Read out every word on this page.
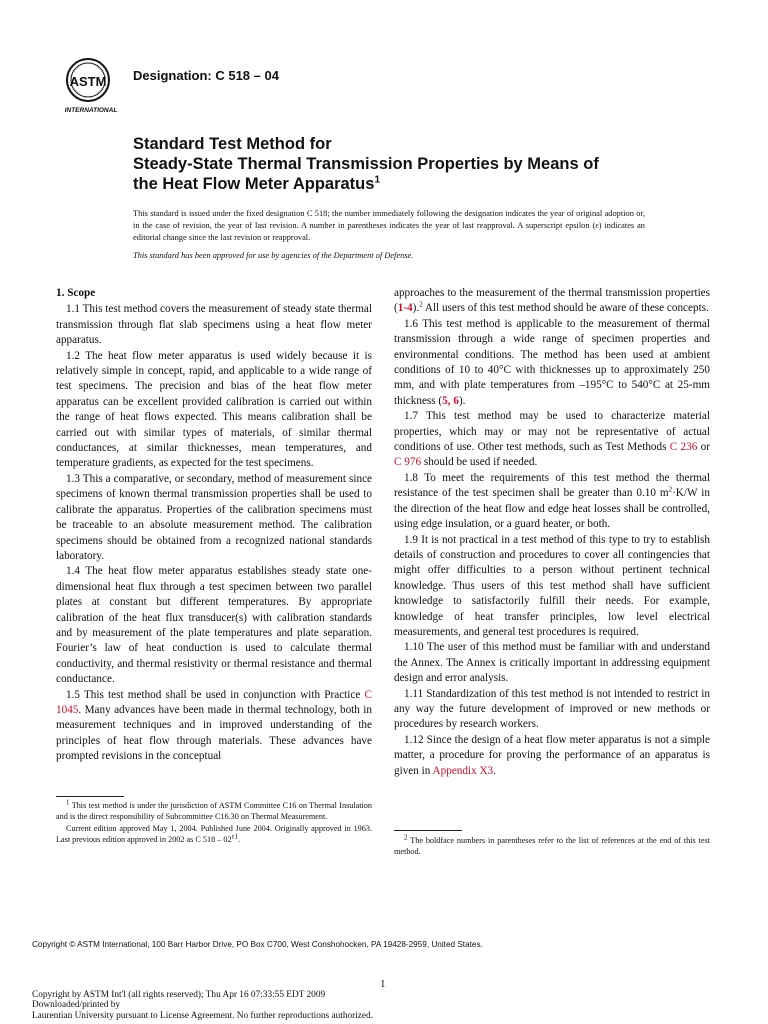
ASTM
INTERNATIONAL
Designation: C 518 – 04
Standard Test Method for
Steady-State Thermal Transmission Properties by Means of
the Heat Flow Meter Apparatus$^1$
This standard is issued under the fixed designation C 518; the number immediately following the designation indicates the year of original adoption or, in the case of revision, the year of last revision. A number in parentheses indicates the year of last reapproval. A superscript epsilon (ε) indicates an editorial change since the last revision or reapproval.
This standard has been approved for use by agencies of the Department of Defense.
1. Scope

1.1 This test method covers the measurement of steady state thermal transmission through flat slab specimens using a heat flow meter apparatus.

1.2 The heat flow meter apparatus is used widely because it is relatively simple in concept, rapid, and applicable to a wide range of test specimens. The precision and bias of the heat flow meter apparatus can be excellent provided calibration is carried out within the range of heat flows expected. This means calibration shall be carried out with similar types of materials, of similar thermal conductances, at similar thicknesses, mean temperatures, and temperature gradients, as expected for the test specimens.

1.3 This a comparative, or secondary, method of measurement since specimens of known thermal transmission properties shall be used to calibrate the apparatus. Properties of the calibration specimens must be traceable to an absolute measurement method. The calibration specimens should be obtained from a recognized national standards laboratory.

1.4 The heat flow meter apparatus establishes steady state one-dimensional heat flux through a test specimen between two parallel plates at constant but different temperatures. By appropriate calibration of the heat flux transducer(s) with calibration standards and by measurement of the plate temperatures and plate separation. Fourier’s law of heat conduction is used to calculate thermal conductivity, and thermal resistivity or thermal resistance and thermal conductance.

1.5 This test method shall be used in conjunction with Practice C 1045. Many advances have been made in thermal technology, both in measurement techniques and in improved understanding of the principles of heat flow through materials. These advances have prompted revisions in the conceptual

approaches to the measurement of the thermal transmission properties (1-4).$^2$ All users of this test method should be aware of these concepts.

1.6 This test method is applicable to the measurement of thermal transmission through a wide range of specimen properties and environmental conditions. The method has been used at ambient conditions of 10 to 40°C with thicknesses up to approximately 250 mm, and with plate temperatures from –195°C to 540°C at 25-mm thickness (5, 6).

1.7 This test method may be used to characterize material properties, which may or may not be representative of actual conditions of use. Other test methods, such as Test Methods C 236 or C 976 should be used if needed.

1.8 To meet the requirements of this test method the thermal resistance of the test specimen shall be greater than 0.10 $m^2\cdot K/W$ in the direction of the heat flow and edge heat losses shall be controlled, using edge insulation, or a guard heater, or both.

1.9 It is not practical in a test method of this type to try to establish details of construction and procedures to cover all contingencies that might offer difficulties to a person without pertinent technical knowledge. Thus users of this test method shall have sufficient knowledge to satisfactorily fulfill their needs. For example, knowledge of heat transfer principles, low level electrical measurements, and general test procedures is required.

1.10 The user of this method must be familiar with and understand the Annex. The Annex is critically important in addressing equipment design and error analysis.

1.11 Standardization of this test method is not intended to restrict in any way the future development of improved or new methods or procedures by research workers.

1.12 Since the design of a heat flow meter apparatus is not a simple matter, a procedure for proving the performance of an apparatus is given in Appendix X3.

$^1$ This test method is under the jurisdiction of ASTM Committee C16 on Thermal Insulation and is the direct responsibility of Subcommittee C16.30 on Thermal Measurement.

Current edition approved May 1, 2004. Published June 2004. Originally approved in 1963. Last previous edition approved in 2002 as C $518 - 02^{\varepsilon 1}$.	$^2$ The boldface numbers in parentheses refer to the list of references at the end of this test method.

Copyright © ASTM International, 100 Barr Harbor Drive, PO Box C700, West Conshohocken, PA 19428-2959, United States.
1
Copyright by ASTM Int'l (all rights reserved); Thu Apr 16 07:33:55 EDT 2009
Downloaded/printed by
Laurentian University pursuant to License Agreement. No further reproductions authorized.
